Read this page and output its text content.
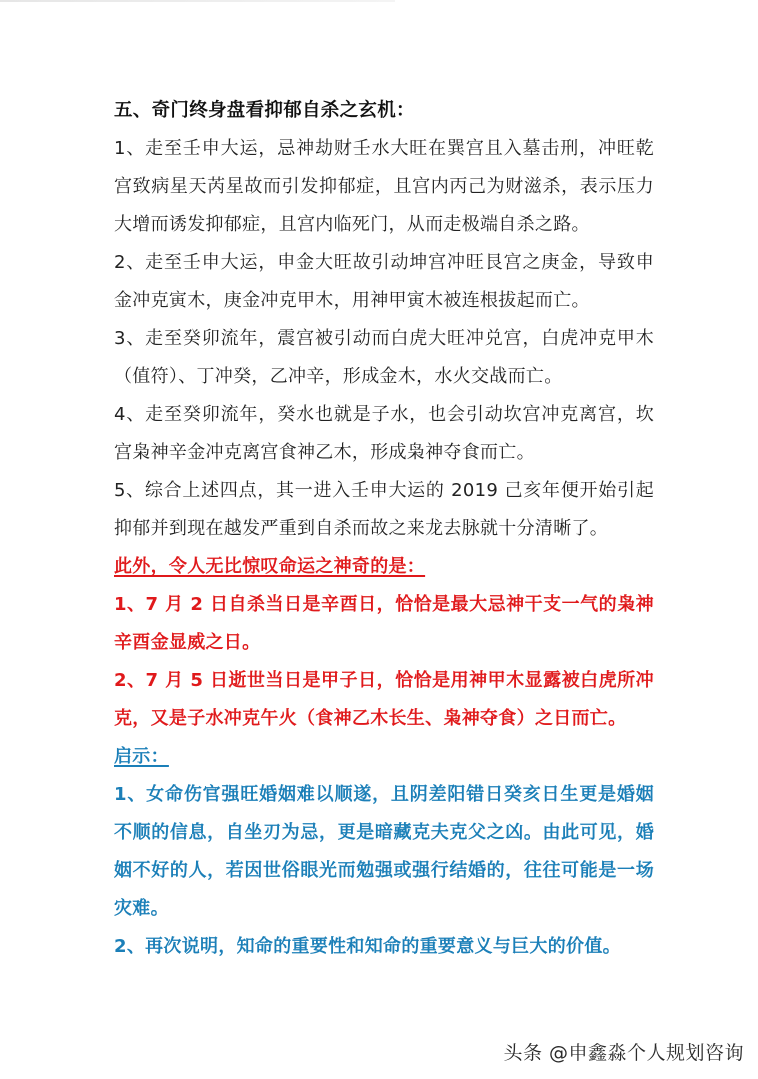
五、奇门终身盘看抑郁自杀之玄机：

1、走至壬申大运，忌神劫财壬水大旺在巽宫且入墓击刑，冲旺乾宫致病星天芮星故而引发抑郁症，且宫内丙己为财滋杀，表示压力大增而诱发抑郁症，且宫内临死门，从而走极端自杀之路。

2、走至壬申大运，申金大旺故引动坤宫冲旺艮宫之庚金，导致申金冲克寅木，庚金冲克甲木，用神甲寅木被连根拔起而亡。

3、走至癸卯流年，震宫被引动而白虎大旺冲兑宫，白虎冲克甲木（值符）、丁冲癸，乙冲辛，形成金木，水火交战而亡。

4、走至癸卯流年，癸水也就是子水，也会引动坎宫冲克离宫，坎宫枭神辛金冲克离宫食神乙木，形成枭神夺食而亡。

5、综合上述四点，其一进入壬申大运的 2019 己亥年便开始引起抑郁并到现在越发严重到自杀而故之来龙去脉就十分清晰了。

此外，令人无比惊叹命运之神奇的是：

1、7 月 2 日自杀当日是辛酉日，恰恰是最大忌神干支一气的枭神辛酉金显威之日。

2、7 月 5 日逝世当日是甲子日，恰恰是用神甲木显露被白虎所冲克，又是子水冲克午火（食神乙木长生、枭神夺食）之日而亡。

启示：

1、女命伤官强旺婚姻难以顺遂，且阴差阳错日癸亥日生更是婚姻不顺的信息，自坐刃为忌，更是暗藏克夫克父之凶。由此可见，婚姻不好的人，若因世俗眼光而勉强或强行结婚的，往往可能是一场灾难。

2、再次说明，知命的重要性和知命的重要意义与巨大的价值。

头条 @申鑫淼个人规划咨询
